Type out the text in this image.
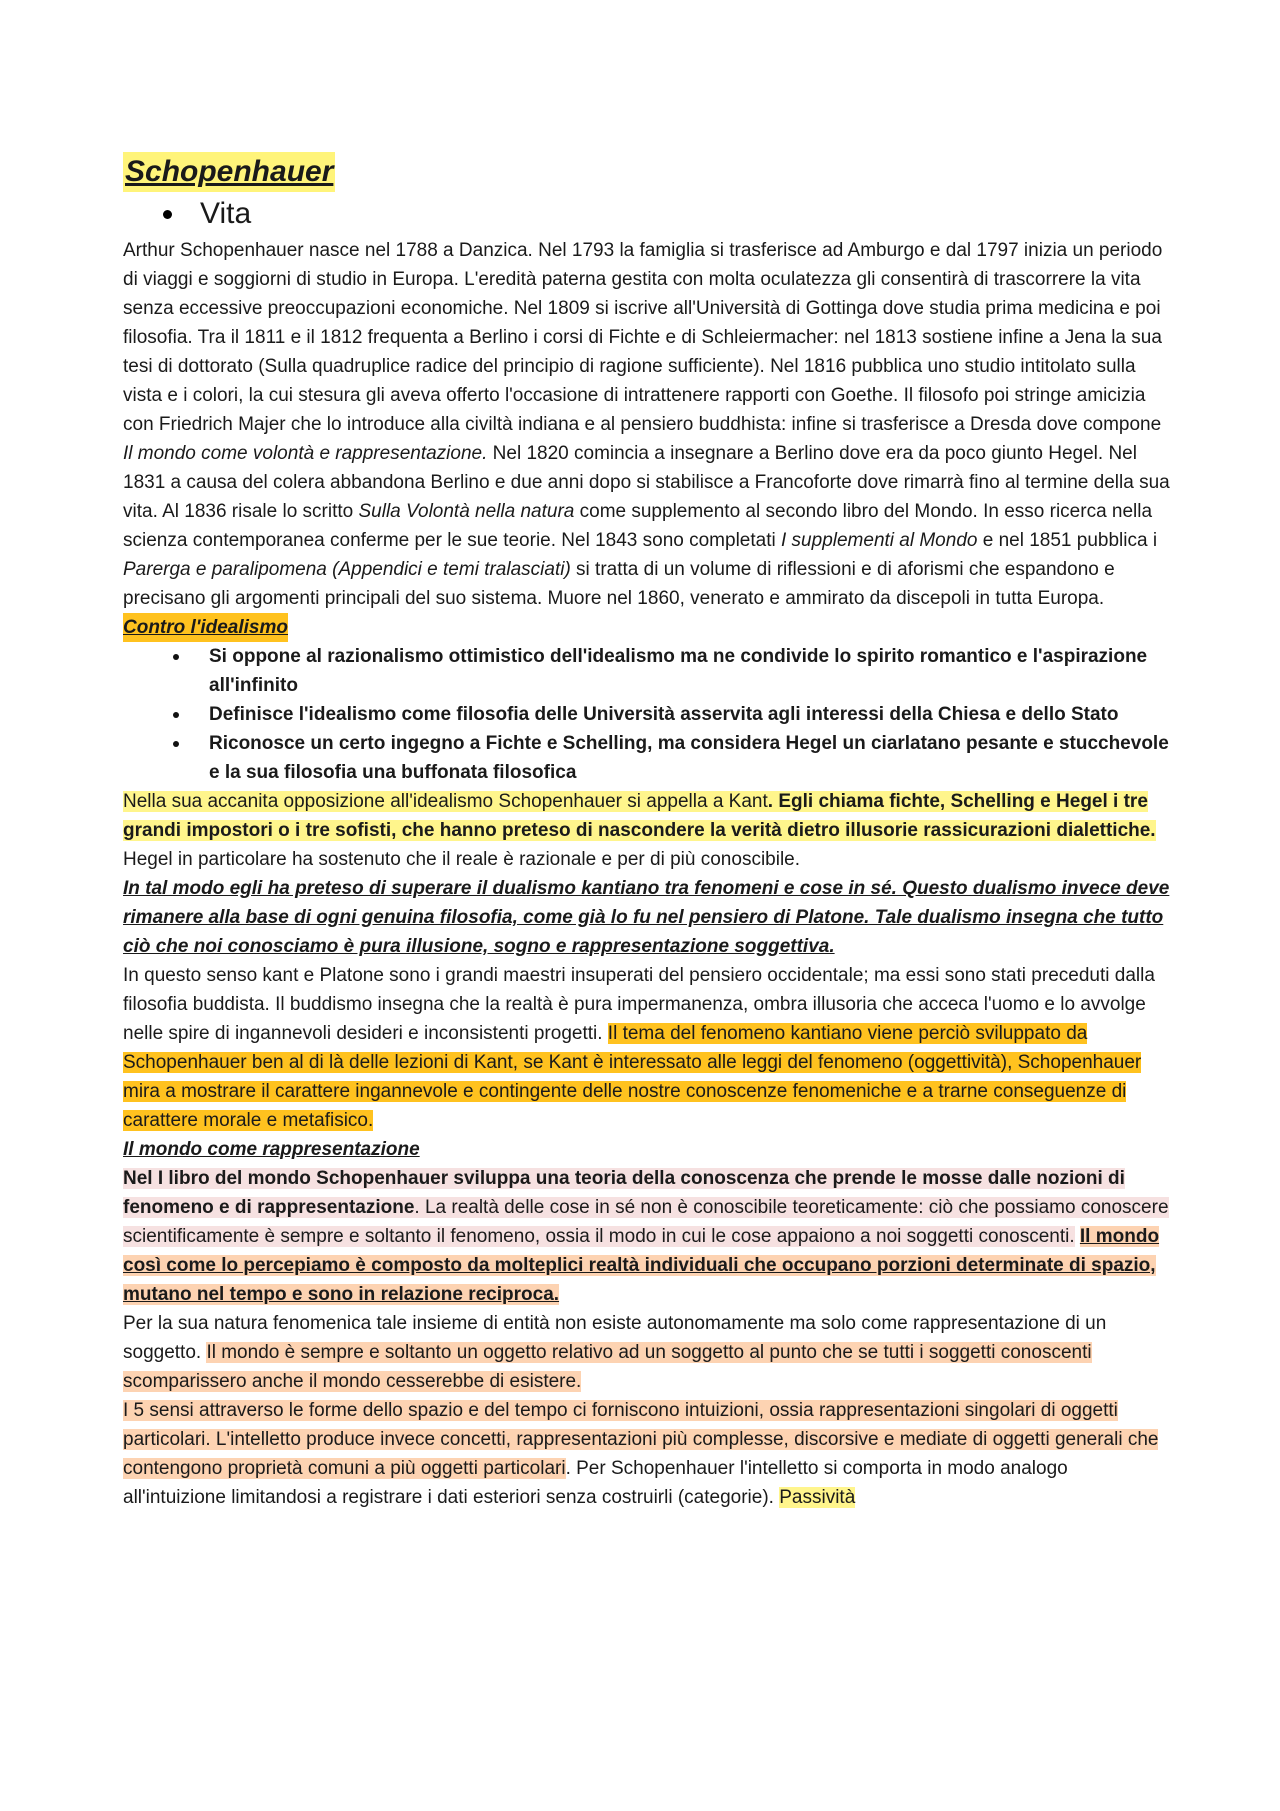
Schopenhauer
Vita

Arthur Schopenhauer nasce nel 1788 a Danzica. Nel 1793 la famiglia si trasferisce ad Amburgo e dal 1797 inizia un periodo di viaggi e soggiorni di studio in Europa. L'eredità paterna gestita con molta oculatezza gli consentirà di trascorrere la vita senza eccessive preoccupazioni economiche. Nel 1809 si iscrive all'Università di Gottinga dove studia prima medicina e poi filosofia. Tra il 1811 e il 1812 frequenta a Berlino i corsi di Fichte e di Schleiermacher: nel 1813 sostiene infine a Jena la sua tesi di dottorato (Sulla quadruplice radice del principio di ragione sufficiente). Nel 1816 pubblica uno studio intitolato sulla vista e i colori, la cui stesura gli aveva offerto l'occasione di intrattenere rapporti con Goethe. Il filosofo poi stringe amicizia con Friedrich Majer che lo introduce alla civiltà indiana e al pensiero buddhista: infine si trasferisce a Dresda dove compone Il mondo come volontà e rappresentazione. Nel 1820 comincia a insegnare a Berlino dove era da poco giunto Hegel. Nel 1831 a causa del colera abbandona Berlino e due anni dopo si stabilisce a Francoforte dove rimarrà fino al termine della sua vita. Al 1836 risale lo scritto Sulla Volontà nella natura come supplemento al secondo libro del Mondo. In esso ricerca nella scienza contemporanea conferme per le sue teorie. Nel 1843 sono completati I supplementi al Mondo e nel 1851 pubblica i Parerga e paralipomena (Appendici e temi tralasciati) si tratta di un volume di riflessioni e di aforismi che espandono e precisano gli argomenti principali del suo sistema. Muore nel 1860, venerato e ammirato da discepoli in tutta Europa.

Contro l'idealismo
Si oppone al razionalismo ottimistico dell'idealismo ma ne condivide lo spirito romantico e l'aspirazione all'infinito
Definisce l'idealismo come filosofia delle Università asservita agli interessi della Chiesa e dello Stato
Riconosce un certo ingegno a Fichte e Schelling, ma considera Hegel un ciarlatano pesante e stucchevole e la sua filosofia una buffonata filosofica

Nella sua accanita opposizione all'idealismo Schopenhauer si appella a Kant. Egli chiama fichte, Schelling e Hegel i tre grandi impostori o i tre sofisti, che hanno preteso di nascondere la verità dietro illusorie rassicurazioni dialettiche. Hegel in particolare ha sostenuto che il reale è razionale e per di più conoscibile.

In tal modo egli ha preteso di superare il dualismo kantiano tra fenomeni e cose in sé. Questo dualismo invece deve rimanere alla base di ogni genuina filosofia, come già lo fu nel pensiero di Platone. Tale dualismo insegna che tutto ciò che noi conosciamo è pura illusione, sogno e rappresentazione soggettiva.

In questo senso kant e Platone sono i grandi maestri insuperati del pensiero occidentale; ma essi sono stati preceduti dalla filosofia buddista. Il buddismo insegna che la realtà è pura impermanenza, ombra illusoria che acceca l'uomo e lo avvolge nelle spire di ingannevoli desideri e inconsistenti progetti. Il tema del fenomeno kantiano viene perciò sviluppato da Schopenhauer ben al di là delle lezioni di Kant, se Kant è interessato alle leggi del fenomeno (oggettività), Schopenhauer mira a mostrare il carattere ingannevole e contingente delle nostre conoscenze fenomeniche e a trarne conseguenze di carattere morale e metafisico.

Il mondo come rappresentazione

Nel I libro del mondo Schopenhauer sviluppa una teoria della conoscenza che prende le mosse dalle nozioni di fenomeno e di rappresentazione. La realtà delle cose in sé non è conoscibile teoreticamente: ciò che possiamo conoscere scientificamente è sempre e soltanto il fenomeno, ossia il modo in cui le cose appaiono a noi soggetti conoscenti. Il mondo così come lo percepiamo è composto da molteplici realtà individuali che occupano porzioni determinate di spazio, mutano nel tempo e sono in relazione reciproca.

Per la sua natura fenomenica tale insieme di entità non esiste autonomamente ma solo come rappresentazione di un soggetto. Il mondo è sempre e soltanto un oggetto relativo ad un soggetto al punto che se tutti i soggetti conoscenti scomparissero anche il mondo cesserebbe di esistere.

I 5 sensi attraverso le forme dello spazio e del tempo ci forniscono intuizioni, ossia rappresentazioni singolari di oggetti particolari. L'intelletto produce invece concetti, rappresentazioni più complesse, discorsive e mediate di oggetti generali che contengono proprietà comuni a più oggetti particolari. Per Schopenhauer l'intelletto si comporta in modo analogo all'intuizione limitandosi a registrare i dati esteriori senza costruirli (categorie). Passività
